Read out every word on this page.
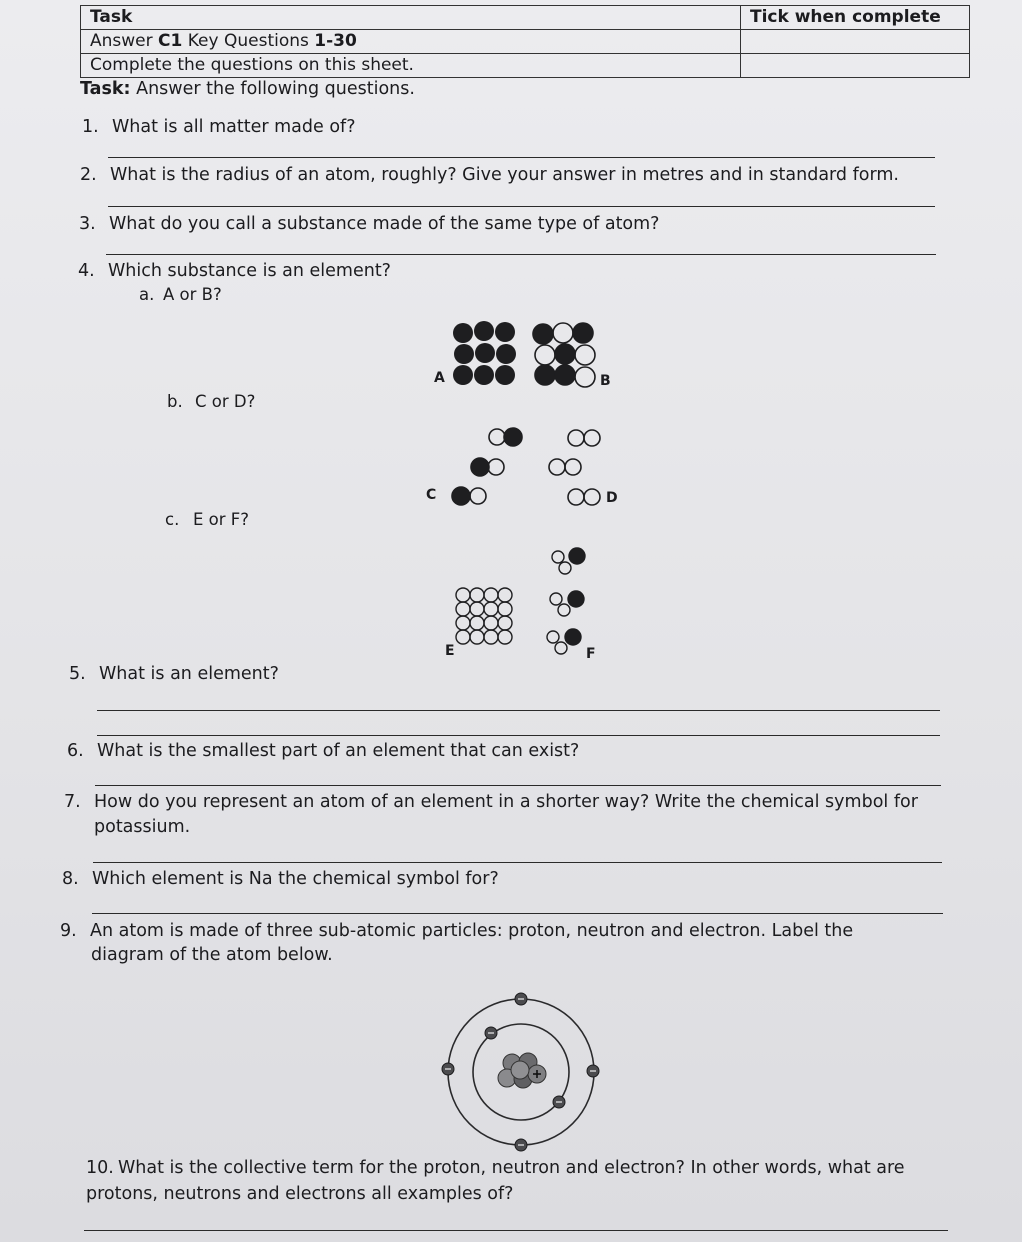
Task	Tick when complete
Answer C1 Key Questions 1-30	
Complete the questions on this sheet.	
Task: Answer the following questions.
1. What is all matter made of?
2. What is the radius of an atom, roughly? Give your answer in metres and in standard form.
3. What do you call a substance made of the same type of atom?
4. Which substance is an element?
a. A or B?
b. C or D?
c. E or F?
A	B
C	D
E	F
5. What is an element?
6. What is the smallest part of an element that can exist?
7. How do you represent an atom of an element in a shorter way? Write the chemical symbol for
potassium.
8. Which element is Na the chemical symbol for?
9. An atom is made of three sub-atomic particles: proton, neutron and electron. Label the
diagram of the atom below.
10. What is the collective term for the proton, neutron and electron? In other words, what are
protons, neutrons and electrons all examples of?
